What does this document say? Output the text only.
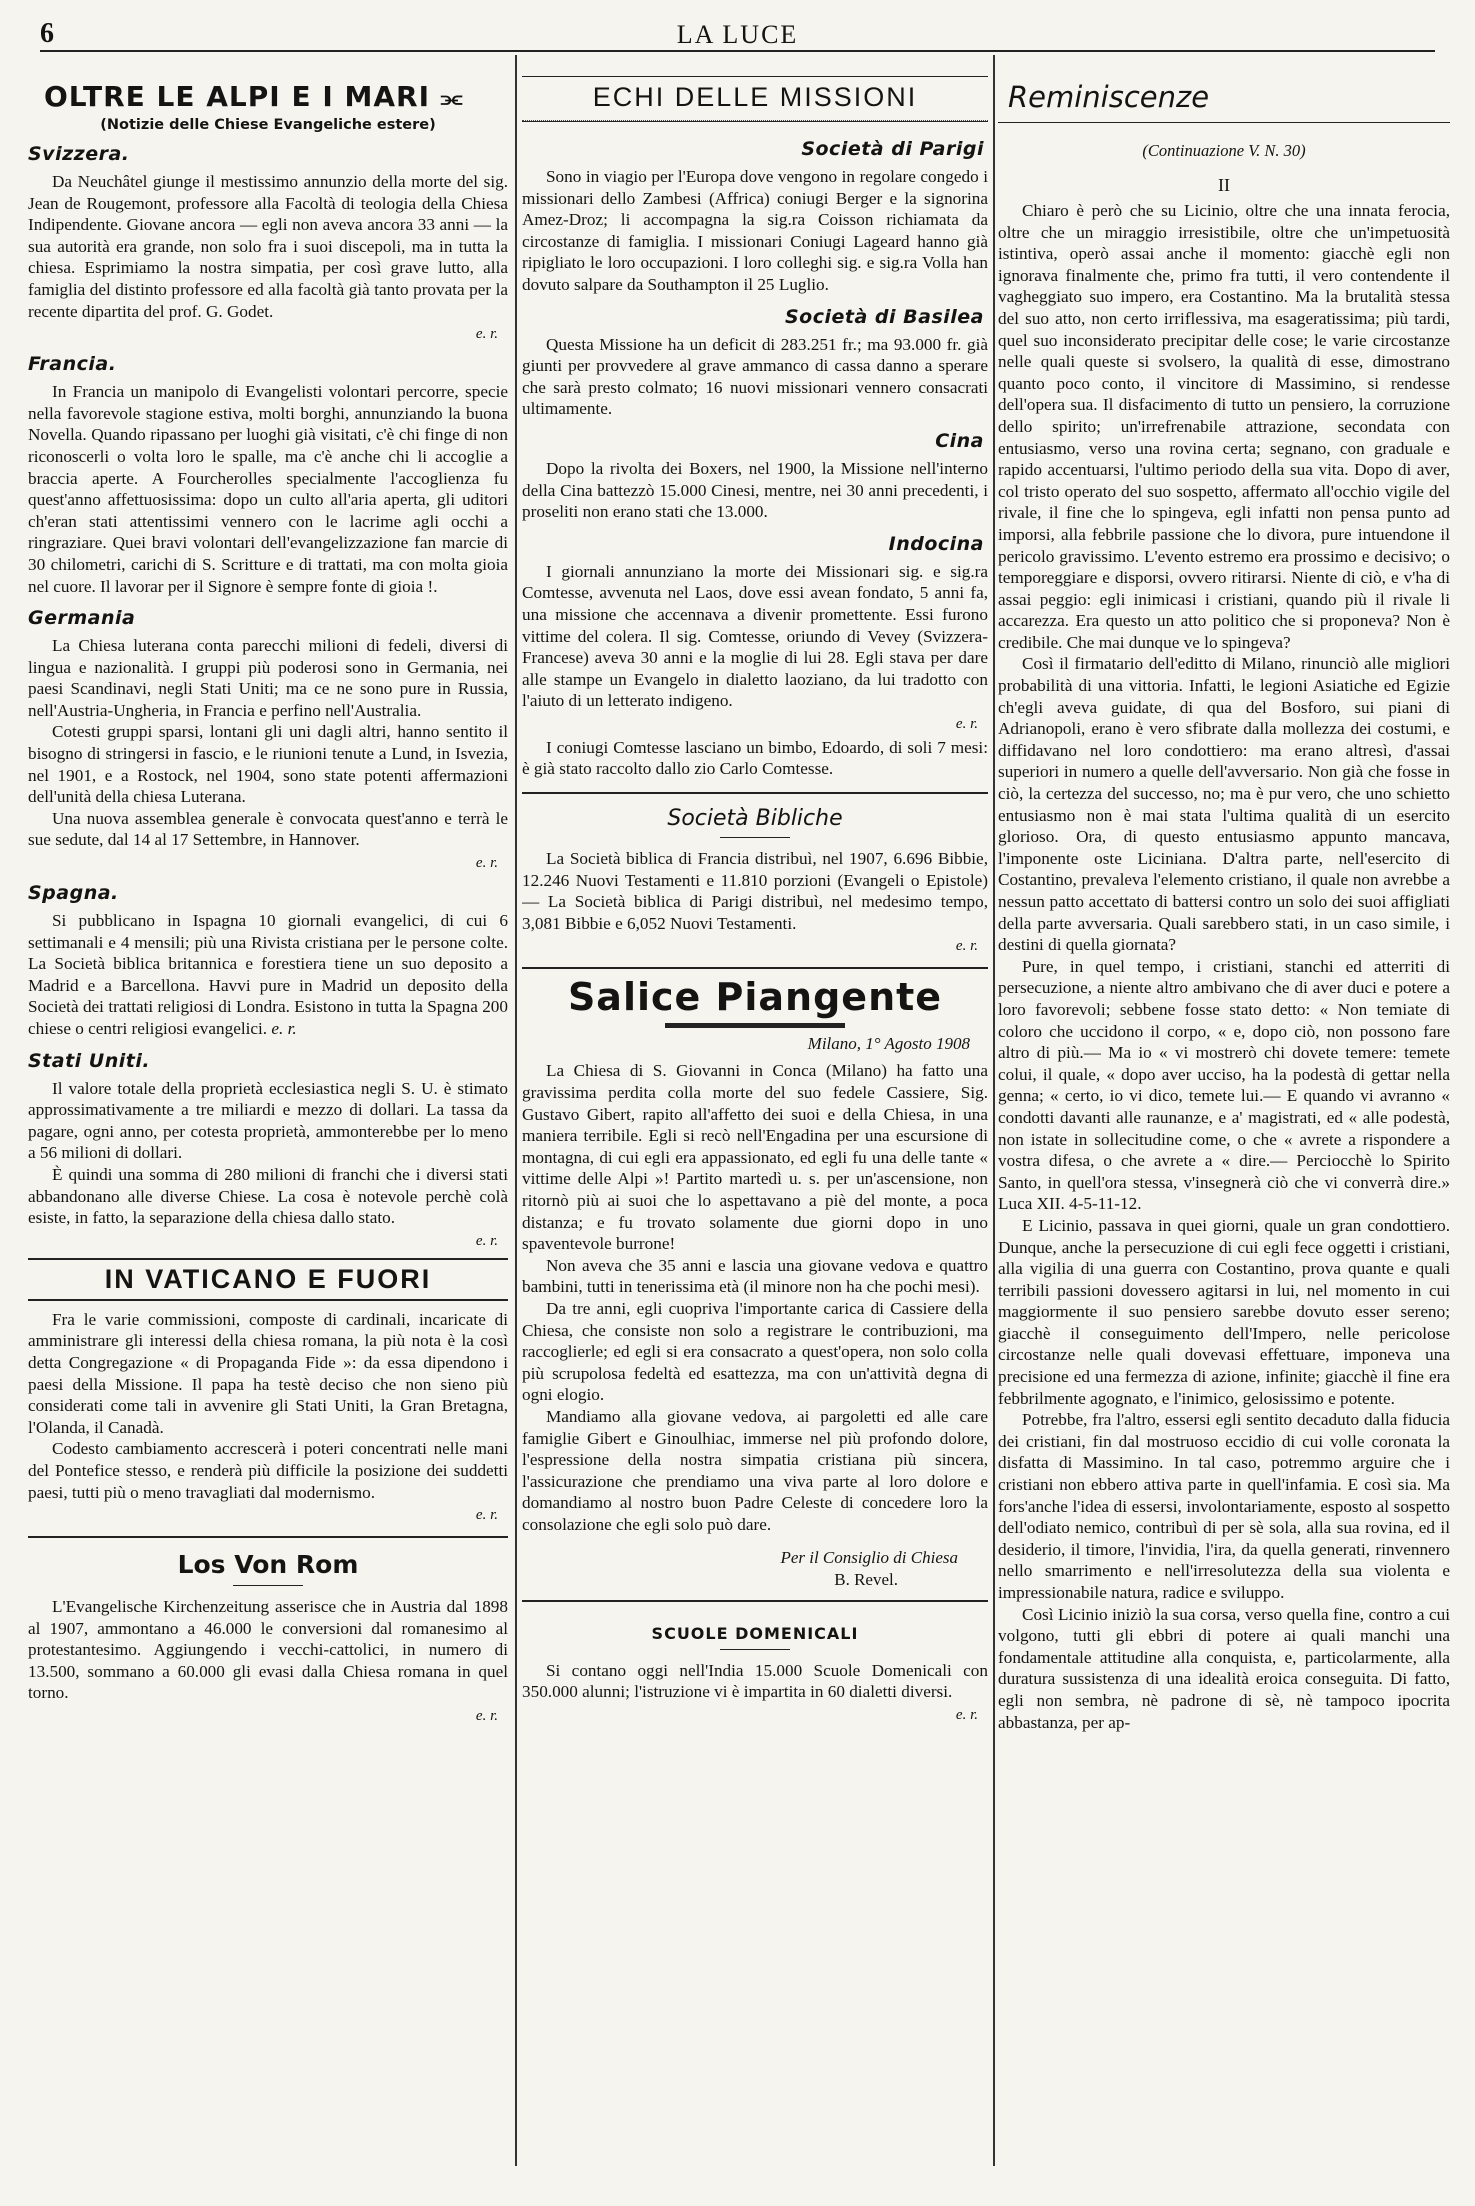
6	LA LUCE
OLTRE LE ALPI E I MARI ⫘
(Notizie delle Chiese Evangeliche estere)
Svizzera.

Da Neuchâtel giunge il mestissimo annunzio della morte del sig. Jean de Rougemont, professore alla Facoltà di teologia della Chiesa Indipendente. Giovane ancora — egli non aveva ancora 33 anni — la sua autorità era grande, non solo fra i suoi discepoli, ma in tutta la chiesa. Esprimiamo la nostra simpatia, per così grave lutto, alla famiglia del distinto professore ed alla facoltà già tanto provata per la recente dipartita del prof. G. Godet.

e. r.
Francia.

In Francia un manipolo di Evangelisti volontari percorre, specie nella favorevole stagione estiva, molti borghi, annunziando la buona Novella. Quando ripassano per luoghi già visitati, c'è chi finge di non riconoscerli o volta loro le spalle, ma c'è anche chi li accoglie a braccia aperte. A Fourcherolles specialmente l'accoglienza fu quest'anno affettuosissima: dopo un culto all'aria aperta, gli uditori ch'eran stati attentissimi vennero con le lacrime agli occhi a ringraziare. Quei bravi volontari dell'evangelizzazione fan marcie di 30 chilometri, carichi di S. Scritture e di trattati, ma con molta gioia nel cuore. Il lavorar per il Signore è sempre fonte di gioia !.

Germania

La Chiesa luterana conta parecchi milioni di fedeli, diversi di lingua e nazionalità. I gruppi più poderosi sono in Germania, nei paesi Scandinavi, negli Stati Uniti; ma ce ne sono pure in Russia, nell'Austria-Ungheria, in Francia e perfino nell'Australia.

Cotesti gruppi sparsi, lontani gli uni dagli altri, hanno sentito il bisogno di stringersi in fascio, e le riunioni tenute a Lund, in Isvezia, nel 1901, e a Rostock, nel 1904, sono state potenti affermazioni dell'unità della chiesa Luterana.

Una nuova assemblea generale è convocata quest'anno e terrà le sue sedute, dal 14 al 17 Settembre, in Hannover.

e. r.
Spagna.

Si pubblicano in Ispagna 10 giornali evangelici, di cui 6 settimanali e 4 mensili; più una Rivista cristiana per le persone colte. La Società biblica britannica e forestiera tiene un suo deposito a Madrid e a Barcellona. Havvi pure in Madrid un deposito della Società dei trattati religiosi di Londra. Esistono in tutta la Spagna 200 chiese o centri religiosi evangelici. e. r.

Stati Uniti.

Il valore totale della proprietà ecclesiastica negli S. U. è stimato approssimativamente a tre miliardi e mezzo di dollari. La tassa da pagare, ogni anno, per cotesta proprietà, ammonterebbe per lo meno a 56 milioni di dollari.

È quindi una somma di 280 milioni di franchi che i diversi stati abbandonano alle diverse Chiese. La cosa è notevole perchè colà esiste, in fatto, la separazione della chiesa dallo stato.

e. r.
IN VATICANO E FUORI

Fra le varie commissioni, composte di cardinali, incaricate di amministrare gli interessi della chiesa romana, la più nota è la così detta Congregazione « di Propaganda Fide »: da essa dipendono i paesi della Missione. Il papa ha testè deciso che non sieno più considerati come tali in avvenire gli Stati Uniti, la Gran Bretagna, l'Olanda, il Canadà.

Codesto cambiamento accrescerà i poteri concentrati nelle mani del Pontefice stesso, e renderà più difficile la posizione dei suddetti paesi, tutti più o meno travagliati dal modernismo.

e. r.
Los Von Rom

L'Evangelische Kirchenzeitung asserisce che in Austria dal 1898 al 1907, ammontano a 46.000 le conversioni dal romanesimo al protestantesimo. Aggiungendo i vecchi-cattolici, in numero di 13.500, sommano a 60.000 gli evasi dalla Chiesa romana in quel torno.

e. r.
ECHI DELLE MISSIONI
Società di Parigi

Sono in viagio per l'Europa dove vengono in regolare congedo i missionari dello Zambesi (Affrica) coniugi Berger e la signorina Amez-Droz; li accompagna la sig.ra Coisson richiamata da circostanze di famiglia. I missionari Coniugi Lageard hanno già ripigliato le loro occupazioni. I loro colleghi sig. e sig.ra Volla han dovuto salpare da Southampton il 25 Luglio.

Società di Basilea

Questa Missione ha un deficit di 283.251 fr.; ma 93.000 fr. già giunti per provvedere al grave ammanco di cassa danno a sperare che sarà presto colmato; 16 nuovi missionari vennero consacrati ultimamente.

Cina

Dopo la rivolta dei Boxers, nel 1900, la Missione nell'interno della Cina battezzò 15.000 Cinesi, mentre, nei 30 anni precedenti, i proseliti non erano stati che 13.000.

Indocina

I giornali annunziano la morte dei Missionari sig. e sig.ra Comtesse, avvenuta nel Laos, dove essi avean fondato, 5 anni fa, una missione che accennava a divenir promettente. Essi furono vittime del colera. Il sig. Comtesse, oriundo di Vevey (Svizzera-Francese) aveva 30 anni e la moglie di lui 28. Egli stava per dare alle stampe un Evangelo in dialetto laoziano, da lui tradotto con l'aiuto di un letterato indigeno.

e. r.

I coniugi Comtesse lasciano un bimbo, Edoardo, di soli 7 mesi: è già stato raccolto dallo zio Carlo Comtesse.

Società Bibliche

La Società biblica di Francia distribuì, nel 1907, 6.696 Bibbie, 12.246 Nuovi Testamenti e 11.810 porzioni (Evangeli o Epistole) — La Società biblica di Parigi distribuì, nel medesimo tempo, 3,081 Bibbie e 6,052 Nuovi Testamenti.

e. r.
Salice Piangente
Milano, 1° Agosto 1908

La Chiesa di S. Giovanni in Conca (Milano) ha fatto una gravissima perdita colla morte del suo fedele Cassiere, Sig. Gustavo Gibert, rapito all'affetto dei suoi e della Chiesa, in una maniera terribile. Egli si recò nell'Engadina per una escursione di montagna, di cui egli era appassionato, ed egli fu una delle tante « vittime delle Alpi »! Partito martedì u. s. per un'ascensione, non ritornò più ai suoi che lo aspettavano a piè del monte, a poca distanza; e fu trovato solamente due giorni dopo in uno spaventevole burrone!

Non aveva che 35 anni e lascia una giovane vedova e quattro bambini, tutti in tenerissima età (il minore non ha che pochi mesi).

Da tre anni, egli cuopriva l'importante carica di Cassiere della Chiesa, che consiste non solo a registrare le contribuzioni, ma raccoglierle; ed egli si era consacrato a quest'opera, non solo colla più scrupolosa fedeltà ed esattezza, ma con un'attività degna di ogni elogio.

Mandiamo alla giovane vedova, ai pargoletti ed alle care famiglie Gibert e Ginoulhiac, immerse nel più profondo dolore, l'espressione della nostra simpatia cristiana più sincera, l'assicurazione che prendiamo una viva parte al loro dolore e domandiamo al nostro buon Padre Celeste di concedere loro la consolazione che egli solo può dare.

Per il Consiglio di Chiesa
B. Revel.
SCUOLE DOMENICALI

Si contano oggi nell'India 15.000 Scuole Domenicali con 350.000 alunni; l'istruzione vi è impartita in 60 dialetti diversi.

e. r.
Reminiscenze
(Continuazione V. N. 30)
II

Chiaro è però che su Licinio, oltre che una innata ferocia, oltre che un miraggio irresistibile, oltre che un'impetuosità istintiva, operò assai anche il momento: giacchè egli non ignorava finalmente che, primo fra tutti, il vero contendente il vagheggiato suo impero, era Costantino. Ma la brutalità stessa del suo atto, non certo irriflessiva, ma esageratissima; più tardi, quel suo inconsiderato precipitar delle cose; le varie circostanze nelle quali queste si svolsero, la qualità di esse, dimostrano quanto poco conto, il vincitore di Massimino, si rendesse dell'opera sua. Il disfacimento di tutto un pensiero, la corruzione dello spirito; un'irrefrenabile attrazione, secondata con entusiasmo, verso una rovina certa; segnano, con graduale e rapido accentuarsi, l'ultimo periodo della sua vita. Dopo di aver, col tristo operato del suo sospetto, affermato all'occhio vigile del rivale, il fine che lo spingeva, egli infatti non pensa punto ad imporsi, alla febbrile passione che lo divora, pure intuendone il pericolo gravissimo. L'evento estremo era prossimo e decisivo; o temporeggiare e disporsi, ovvero ritirarsi. Niente di ciò, e v'ha di assai peggio: egli inimicasi i cristiani, quando più il rivale li accarezza. Era questo un atto politico che si proponeva? Non è credibile. Che mai dunque ve lo spingeva?

Così il firmatario dell'editto di Milano, rinunciò alle migliori probabilità di una vittoria. Infatti, le legioni Asiatiche ed Egizie ch'egli aveva guidate, di qua del Bosforo, sui piani di Adrianopoli, erano è vero sfibrate dalla mollezza dei costumi, e diffidavano nel loro condottiero: ma erano altresì, d'assai superiori in numero a quelle dell'avversario. Non già che fosse in ciò, la certezza del successo, no; ma è pur vero, che uno schietto entusiasmo non è mai stata l'ultima qualità di un esercito glorioso. Ora, di questo entusiasmo appunto mancava, l'imponente oste Liciniana. D'altra parte, nell'esercito di Costantino, prevaleva l'elemento cristiano, il quale non avrebbe a nessun patto accettato di battersi contro un solo dei suoi affigliati della parte avversaria. Quali sarebbero stati, in un caso simile, i destini di quella giornata?

Pure, in quel tempo, i cristiani, stanchi ed atterriti di persecuzione, a niente altro ambivano che di aver duci e potere a loro favorevoli; sebbene fosse stato detto: « Non temiate di coloro che uccidono il corpo, « e, dopo ciò, non possono fare altro di più.— Ma io « vi mostrerò chi dovete temere: temete colui, il quale, « dopo aver ucciso, ha la podestà di gettar nella genna; « certo, io vi dico, temete lui.— E quando vi avranno « condotti davanti alle raunanze, e a' magistrati, ed « alle podestà, non istate in sollecitudine come, o che « avrete a rispondere a vostra difesa, o che avrete a « dire.— Perciocchè lo Spirito Santo, in quell'ora stessa, v'insegnerà ciò che vi converrà dire.» Luca XII. 4-5-11-12.

E Licinio, passava in quei giorni, quale un gran condottiero. Dunque, anche la persecuzione di cui egli fece oggetti i cristiani, alla vigilia di una guerra con Costantino, prova quante e quali terribili passioni dovessero agitarsi in lui, nel momento in cui maggiormente il suo pensiero sarebbe dovuto esser sereno; giacchè il conseguimento dell'Impero, nelle pericolose circostanze nelle quali dovevasi effettuare, imponeva una precisione ed una fermezza di azione, infinite; giacchè il fine era febbrilmente agognato, e l'inimico, gelosissimo e potente.

Potrebbe, fra l'altro, essersi egli sentito decaduto dalla fiducia dei cristiani, fin dal mostruoso eccidio di cui volle coronata la disfatta di Massimino. In tal caso, potremmo arguire che i cristiani non ebbero attiva parte in quell'infamia. E così sia. Ma fors'anche l'idea di essersi, involontariamente, esposto al sospetto dell'odiato nemico, contribuì di per sè sola, alla sua rovina, ed il desiderio, il timore, l'invidia, l'ira, da quella generati, rinvennero nello smarrimento e nell'irresolutezza della sua violenta e impressionabile natura, radice e sviluppo.

Così Licinio iniziò la sua corsa, verso quella fine, contro a cui volgono, tutti gli ebbri di potere ai quali manchi una fondamentale attitudine alla conquista, e, particolarmente, alla duratura sussistenza di una idealità eroica conseguita. Di fatto, egli non sembra, nè padrone di sè, nè tampoco ipocrita abbastanza, per ap-
